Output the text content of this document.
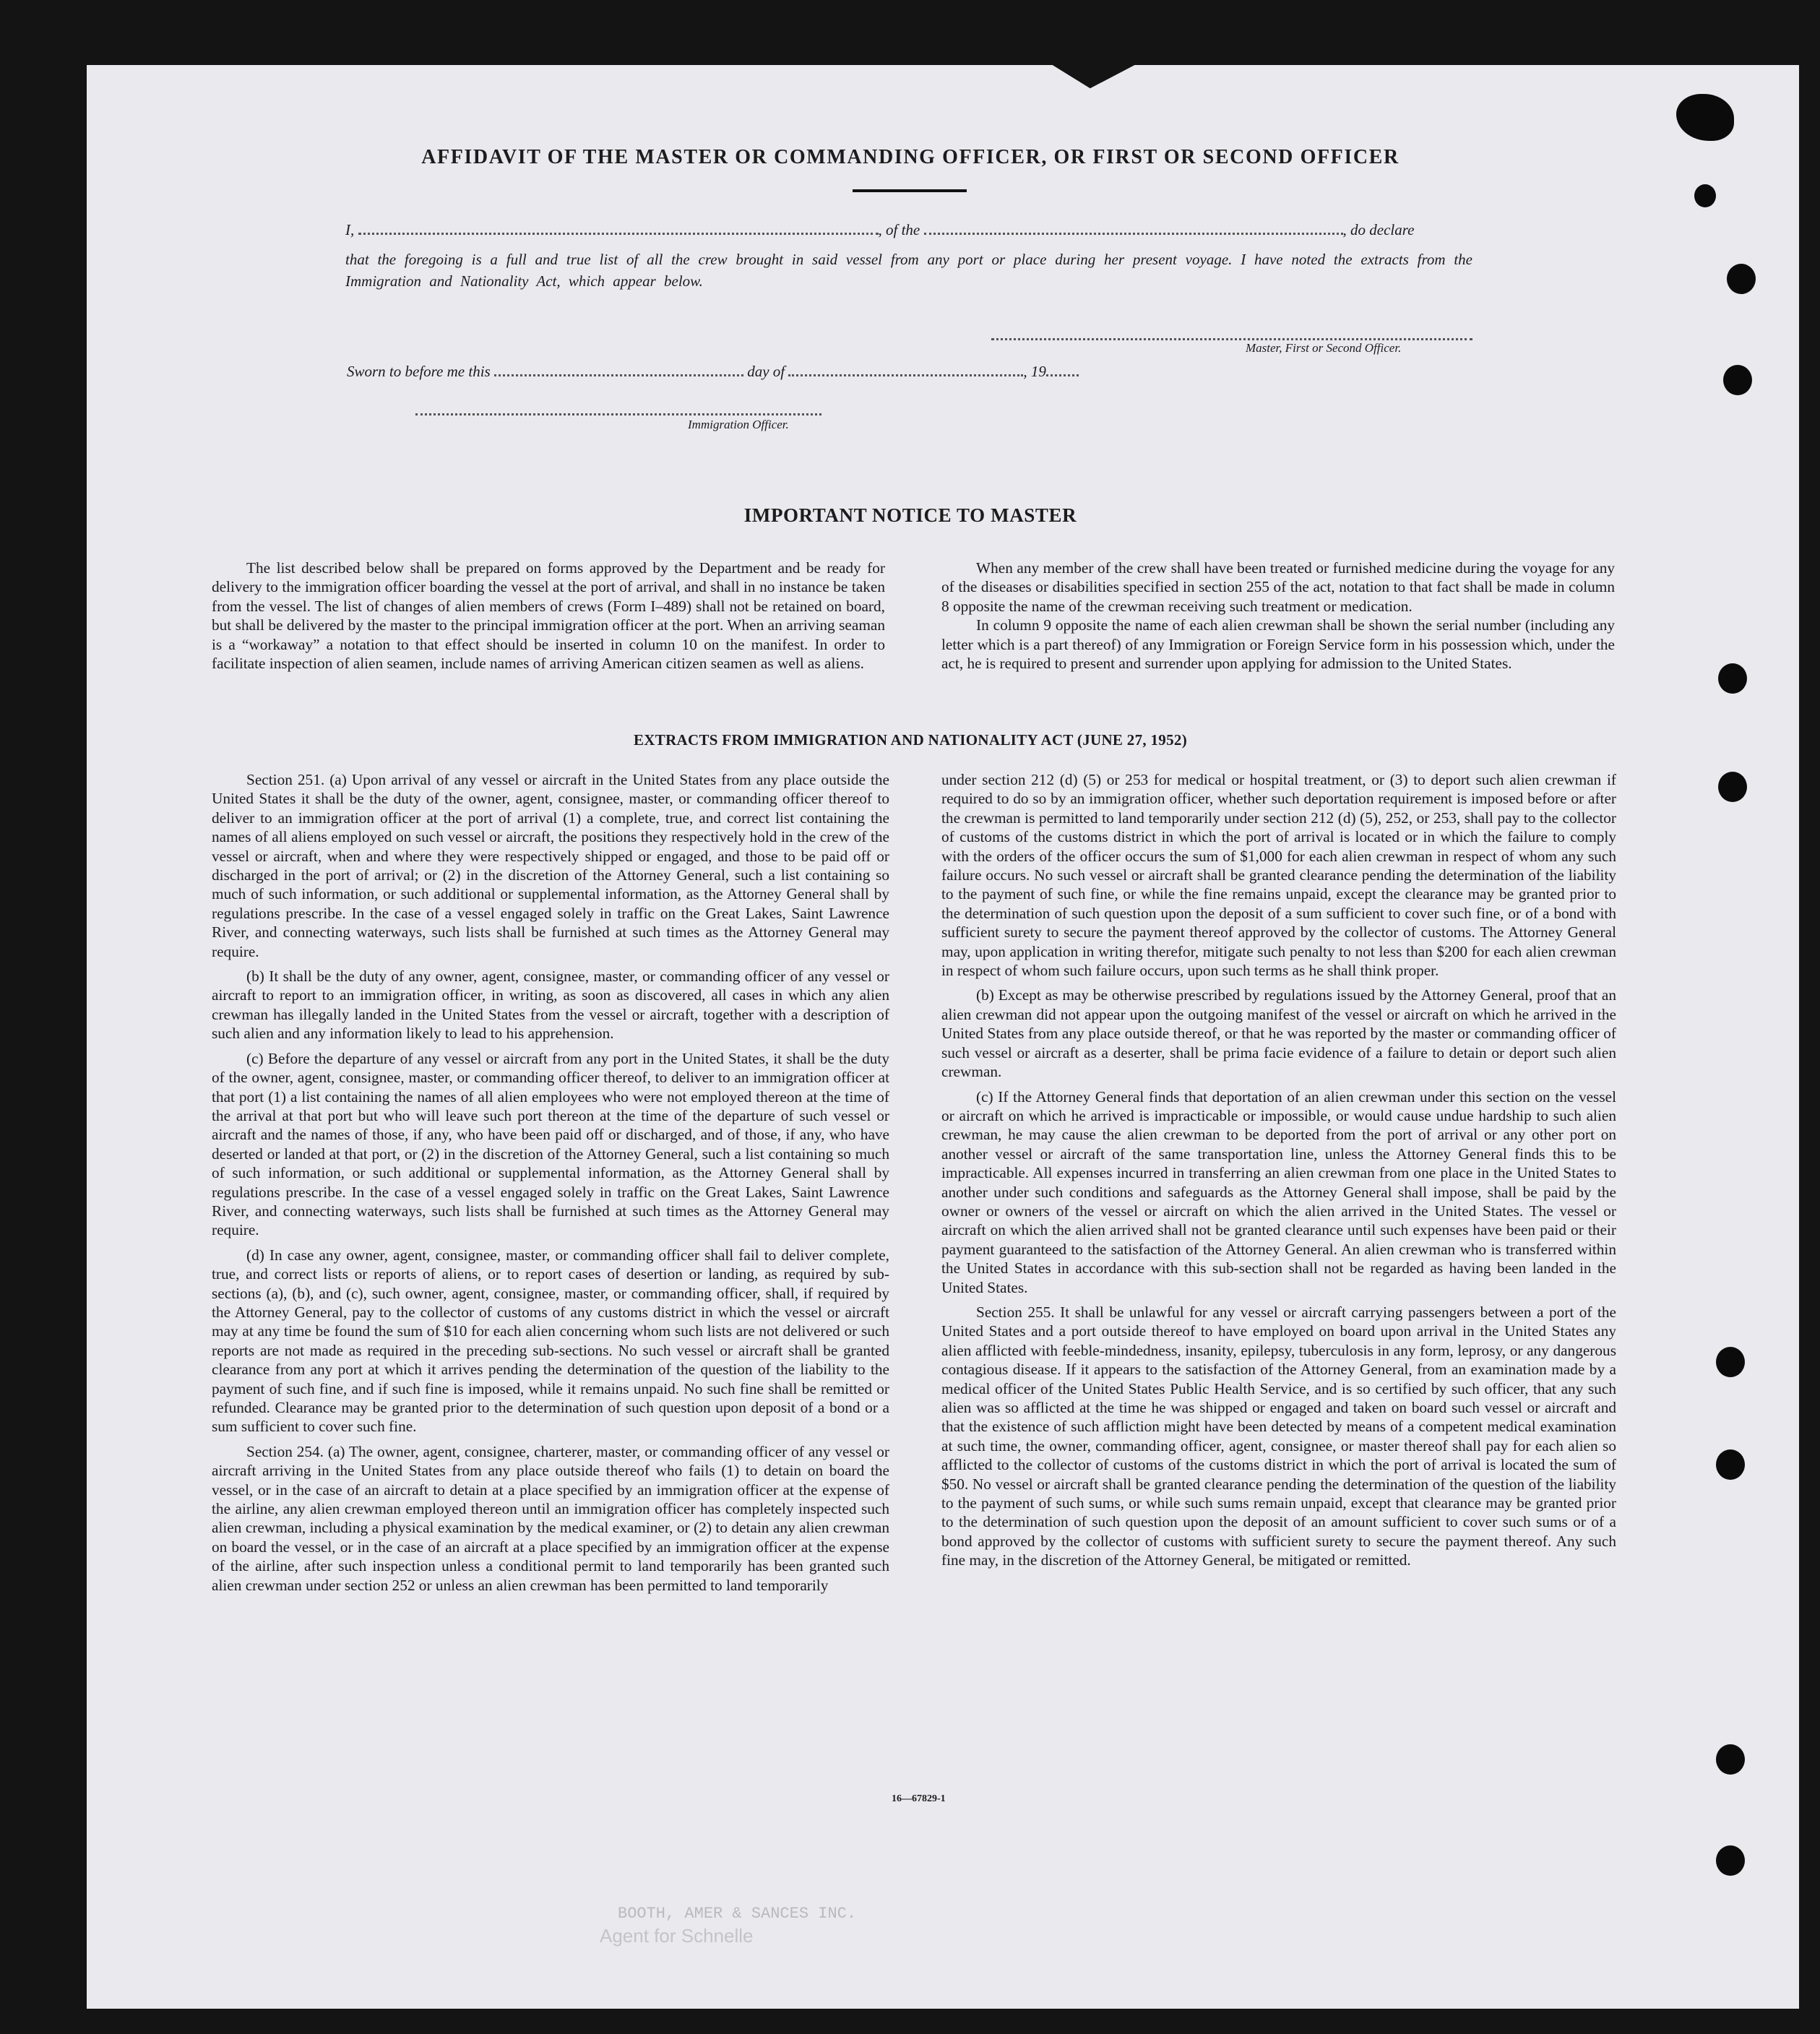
AFFIDAVIT OF THE MASTER OR COMMANDING OFFICER, OR FIRST OR SECOND OFFICER
I,	, of the	, do declare
that the foregoing is a full and true list of all the crew brought in said vessel from any port or place during her present voyage. I have noted the extracts from the Immigration and Nationality Act, which appear below.
Master, First or Second Officer.
Sworn to before me this	day of	, 19
Immigration Officer.
IMPORTANT NOTICE TO MASTER

The list described below shall be prepared on forms approved by the Department and be ready for delivery to the immigration officer boarding the vessel at the port of arrival, and shall in no instance be taken from the vessel. The list of changes of alien members of crews (Form I–489) shall not be retained on board, but shall be delivered by the master to the principal immigration officer at the port. When an arriving seaman is a “workaway” a notation to that effect should be inserted in column 10 on the manifest. In order to facilitate inspection of alien seamen, include names of arriving American citizen seamen as well as aliens.

When any member of the crew shall have been treated or furnished medicine during the voyage for any of the diseases or disabilities specified in section 255 of the act, notation to that fact shall be made in column 8 opposite the name of the crewman receiving such treatment or medication.

In column 9 opposite the name of each alien crewman shall be shown the serial number (including any letter which is a part thereof) of any Immigration or Foreign Service form in his possession which, under the act, he is required to present and surrender upon applying for admission to the United States.

EXTRACTS FROM IMMIGRATION AND NATIONALITY ACT (JUNE 27, 1952)

Section 251. (a) Upon arrival of any vessel or aircraft in the United States from any place outside the United States it shall be the duty of the owner, agent, consignee, master, or commanding officer thereof to deliver to an immigration officer at the port of arrival (1) a complete, true, and correct list containing the names of all aliens employed on such vessel or aircraft, the positions they respectively hold in the crew of the vessel or aircraft, when and where they were respectively shipped or engaged, and those to be paid off or discharged in the port of arrival; or (2) in the discretion of the Attorney General, such a list containing so much of such information, or such additional or supplemental information, as the Attorney General shall by regulations prescribe. In the case of a vessel engaged solely in traffic on the Great Lakes, Saint Lawrence River, and connecting waterways, such lists shall be furnished at such times as the Attorney General may require.

(b) It shall be the duty of any owner, agent, consignee, master, or commanding officer of any vessel or aircraft to report to an immigration officer, in writing, as soon as discovered, all cases in which any alien crewman has illegally landed in the United States from the vessel or aircraft, together with a description of such alien and any information likely to lead to his apprehension.

(c) Before the departure of any vessel or aircraft from any port in the United States, it shall be the duty of the owner, agent, consignee, master, or commanding officer thereof, to deliver to an immigration officer at that port (1) a list containing the names of all alien employees who were not employed thereon at the time of the arrival at that port but who will leave such port thereon at the time of the departure of such vessel or aircraft and the names of those, if any, who have been paid off or discharged, and of those, if any, who have deserted or landed at that port, or (2) in the discretion of the Attorney General, such a list containing so much of such information, or such additional or supplemental information, as the Attorney General shall by regulations prescribe. In the case of a vessel engaged solely in traffic on the Great Lakes, Saint Lawrence River, and connecting waterways, such lists shall be furnished at such times as the Attorney General may require.

(d) In case any owner, agent, consignee, master, or commanding officer shall fail to deliver complete, true, and correct lists or reports of aliens, or to report cases of desertion or landing, as required by sub-sections (a), (b), and (c), such owner, agent, consignee, master, or commanding officer, shall, if required by the Attorney General, pay to the collector of customs of any customs district in which the vessel or aircraft may at any time be found the sum of $10 for each alien concerning whom such lists are not delivered or such reports are not made as required in the preceding sub-sections. No such vessel or aircraft shall be granted clearance from any port at which it arrives pending the determination of the question of the liability to the payment of such fine, and if such fine is imposed, while it remains unpaid. No such fine shall be remitted or refunded. Clearance may be granted prior to the determination of such question upon deposit of a bond or a sum sufficient to cover such fine.

Section 254. (a) The owner, agent, consignee, charterer, master, or commanding officer of any vessel or aircraft arriving in the United States from any place outside thereof who fails (1) to detain on board the vessel, or in the case of an aircraft to detain at a place specified by an immigration officer at the expense of the airline, any alien crewman employed thereon until an immigration officer has completely inspected such alien crewman, including a physical examination by the medical examiner, or (2) to detain any alien crewman on board the vessel, or in the case of an aircraft at a place specified by an immigration officer at the expense of the airline, after such inspection unless a conditional permit to land temporarily has been granted such alien crewman under section 252 or unless an alien crewman has been permitted to land temporarily

under section 212 (d) (5) or 253 for medical or hospital treatment, or (3) to deport such alien crewman if required to do so by an immigration officer, whether such deportation requirement is imposed before or after the crewman is permitted to land temporarily under section 212 (d) (5), 252, or 253, shall pay to the collector of customs of the customs district in which the port of arrival is located or in which the failure to comply with the orders of the officer occurs the sum of $1,000 for each alien crewman in respect of whom any such failure occurs. No such vessel or aircraft shall be granted clearance pending the determination of the liability to the payment of such fine, or while the fine remains unpaid, except the clearance may be granted prior to the determination of such question upon the deposit of a sum sufficient to cover such fine, or of a bond with sufficient surety to secure the payment thereof approved by the collector of customs. The Attorney General may, upon application in writing therefor, mitigate such penalty to not less than $200 for each alien crewman in respect of whom such failure occurs, upon such terms as he shall think proper.

(b) Except as may be otherwise prescribed by regulations issued by the Attorney General, proof that an alien crewman did not appear upon the outgoing manifest of the vessel or aircraft on which he arrived in the United States from any place outside thereof, or that he was reported by the master or commanding officer of such vessel or aircraft as a deserter, shall be prima facie evidence of a failure to detain or deport such alien crewman.

(c) If the Attorney General finds that deportation of an alien crewman under this section on the vessel or aircraft on which he arrived is impracticable or impossible, or would cause undue hardship to such alien crewman, he may cause the alien crewman to be deported from the port of arrival or any other port on another vessel or aircraft of the same transportation line, unless the Attorney General finds this to be impracticable. All expenses incurred in transferring an alien crewman from one place in the United States to another under such conditions and safeguards as the Attorney General shall impose, shall be paid by the owner or owners of the vessel or aircraft on which the alien arrived in the United States. The vessel or aircraft on which the alien arrived shall not be granted clearance until such expenses have been paid or their payment guaranteed to the satisfaction of the Attorney General. An alien crewman who is transferred within the United States in accordance with this sub-section shall not be regarded as having been landed in the United States.

Section 255. It shall be unlawful for any vessel or aircraft carrying passengers between a port of the United States and a port outside thereof to have employed on board upon arrival in the United States any alien afflicted with feeble-mindedness, insanity, epilepsy, tuberculosis in any form, leprosy, or any dangerous contagious disease. If it appears to the satisfaction of the Attorney General, from an examination made by a medical officer of the United States Public Health Service, and is so certified by such officer, that any such alien was so afflicted at the time he was shipped or engaged and taken on board such vessel or aircraft and that the existence of such affliction might have been detected by means of a competent medical examination at such time, the owner, commanding officer, agent, consignee, or master thereof shall pay for each alien so afflicted to the collector of customs of the customs district in which the port of arrival is located the sum of $50. No vessel or aircraft shall be granted clearance pending the determination of the question of the liability to the payment of such sums, or while such sums remain unpaid, except that clearance may be granted prior to the determination of such question upon the deposit of an amount sufficient to cover such sums or of a bond approved by the collector of customs with sufficient surety to secure the payment thereof. Any such fine may, in the discretion of the Attorney General, be mitigated or remitted.

16—67829-1
BOOTH, AMER & SANCES INC.
Agent for Schnelle
